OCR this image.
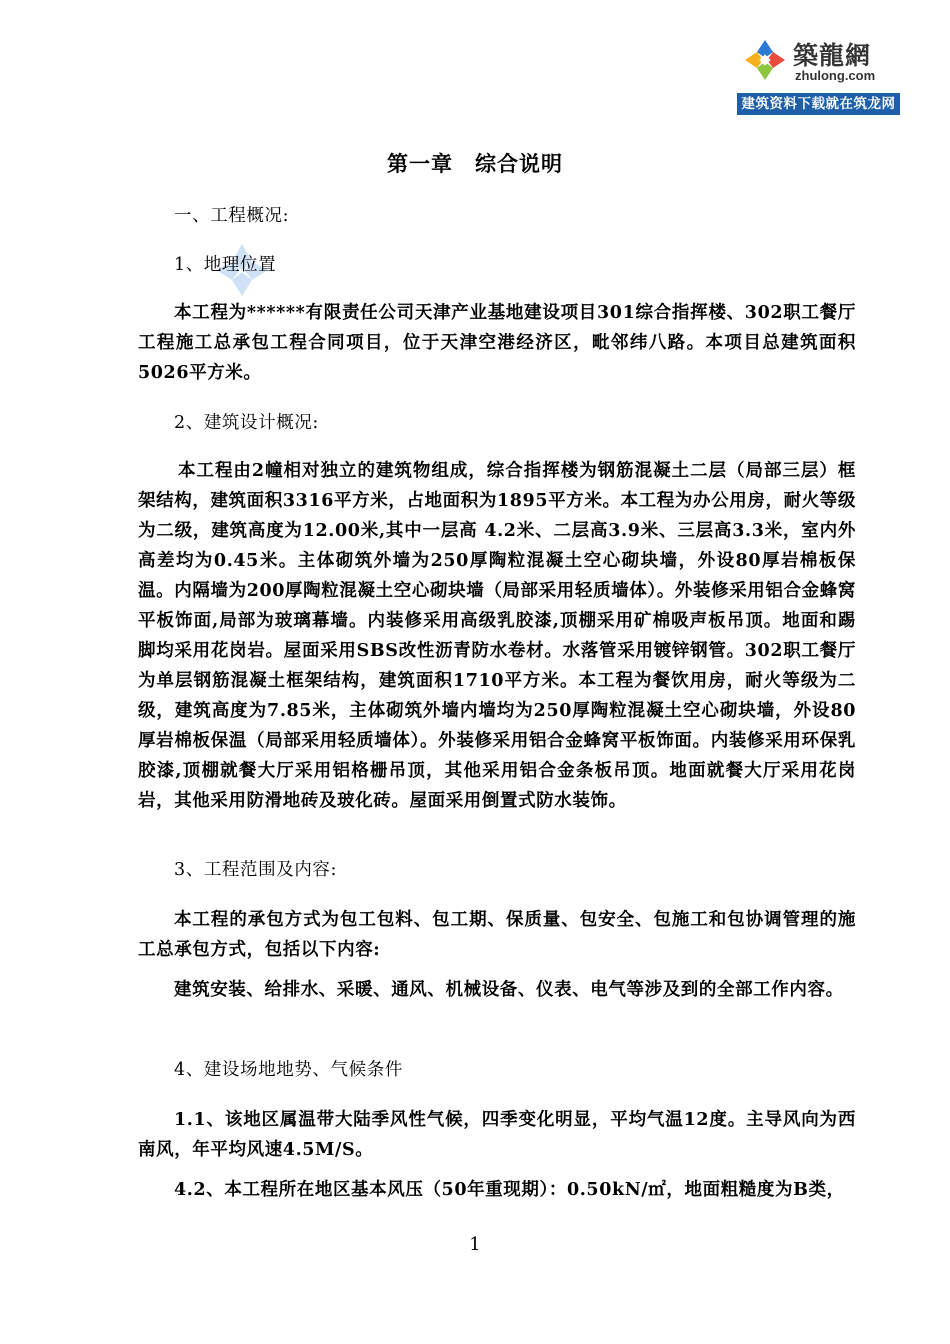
築龍網
zhulong.com
建筑资料下载就在筑龙网
第一章　综合说明
一、工程概况:
1、地理位置
本工程为******有限责任公司天津产业基地建设项目301综合指挥楼、302职工餐厅工程施工总承包工程合同项目，位于天津空港经济区，毗邻纬八路。本项目总建筑面积5026平方米。
2、建筑设计概况:
本工程由2幢相对独立的建筑物组成，综合指挥楼为钢筋混凝土二层（局部三层）框架结构，建筑面积3316平方米，占地面积为1895平方米。本工程为办公用房，耐火等级为二级，建筑高度为12.00米,其中一层高 4.2米、二层高3.9米、三层高3.3米，室内外高差均为0.45米。主体砌筑外墙为250厚陶粒混凝土空心砌块墙，外设80厚岩棉板保温。内隔墙为200厚陶粒混凝土空心砌块墙（局部采用轻质墙体）。外装修采用铝合金蜂窝平板饰面,局部为玻璃幕墙。内装修采用高级乳胶漆,顶棚采用矿棉吸声板吊顶。地面和踢脚均采用花岗岩。屋面采用SBS改性沥青防水卷材。水落管采用镀锌钢管。302职工餐厅为单层钢筋混凝土框架结构，建筑面积1710平方米。本工程为餐饮用房，耐火等级为二级，建筑高度为7.85米，主体砌筑外墙内墙均为250厚陶粒混凝土空心砌块墙，外设80厚岩棉板保温（局部采用轻质墙体）。外装修采用铝合金蜂窝平板饰面。内装修采用环保乳胶漆,顶棚就餐大厅采用铝格栅吊顶，其他采用铝合金条板吊顶。地面就餐大厅采用花岗岩，其他采用防滑地砖及玻化砖。屋面采用倒置式防水装饰。
3、工程范围及内容:
本工程的承包方式为包工包料、包工期、保质量、包安全、包施工和包协调管理的施工总承包方式，包括以下内容:
建筑安装、给排水、采暖、通风、机械设备、仪表、电气等涉及到的全部工作内容。
4、建设场地地势、气候条件
1.1、该地区属温带大陆季风性气候，四季变化明显，平均气温12度。主导风向为西南风，年平均风速4.5M/S。
4.2、本工程所在地区基本风压（50年重现期）：0.50kN/㎡，地面粗糙度为B类，
1
